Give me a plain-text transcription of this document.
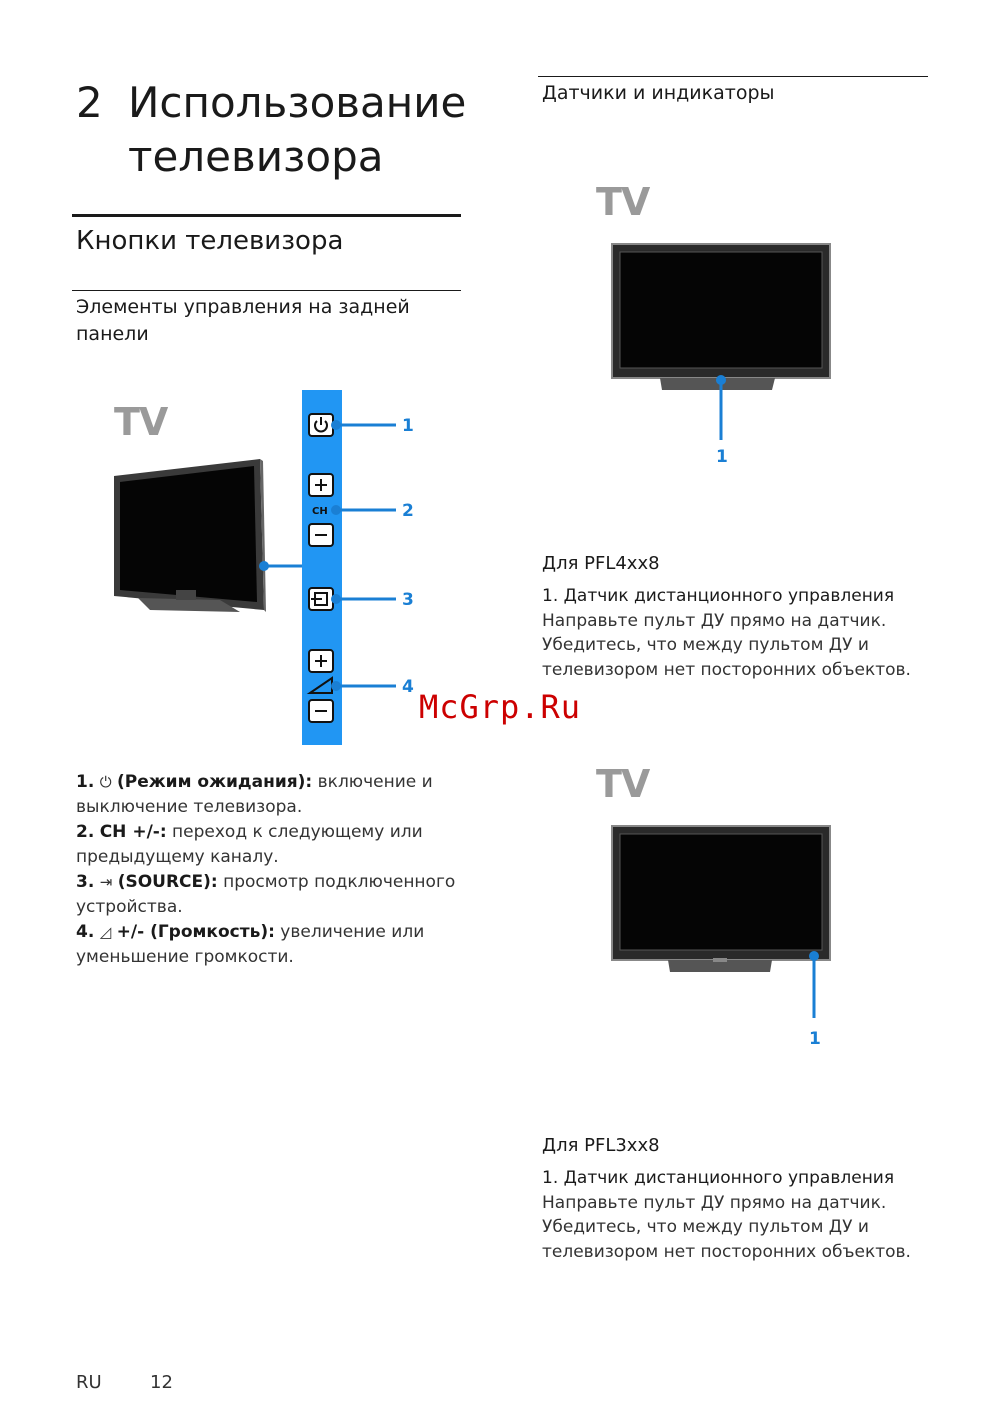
2 Использование
телевизора
Кнопки телевизора
Элементы управления на задней
панели
TV
CH
1
2
3
4
1. ⏻ (Режим ожидания): включение и выключение телевизора.
2. CH +/-: переход к следующему или предыдущему каналу.
3. ⇥ (SOURCE): просмотр подключенного устройства.
4. ◿ +/- (Громкость): увеличение или уменьшение громкости.
Датчики и индикаторы
TV
1
Для PFL4xx8
1. Датчик дистанционного управления
Направьте пульт ДУ прямо на датчик. Убедитесь, что между пультом ДУ и телевизором нет посторонних объектов.
McGrp.Ru
TV
1
Для PFL3xx8
1. Датчик дистанционного управления
Направьте пульт ДУ прямо на датчик. Убедитесь, что между пультом ДУ и телевизором нет посторонних объектов.
RU	12
